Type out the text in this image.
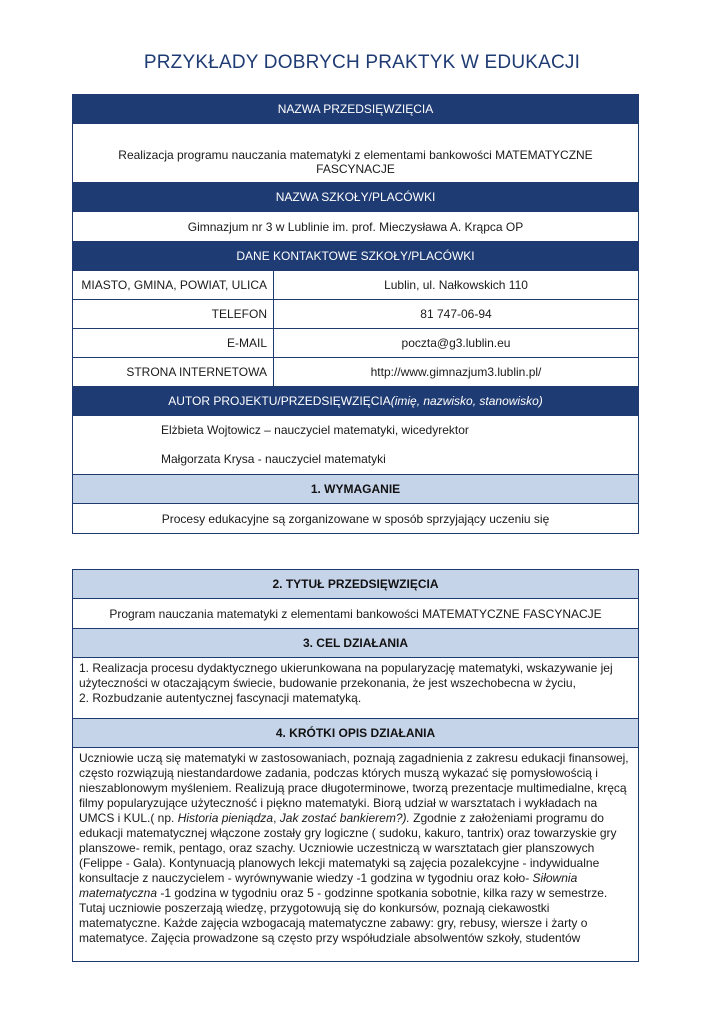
PRZYKŁADY DOBRYCH PRAKTYK W EDUKACJI
NAZWA PRZEDSIĘWZIĘCIA	
Realizacja programu nauczania matematyki z elementami bankowości MATEMATYCZNE FASCYNACJE	
NAZWA SZKOŁY/PLACÓWKI	
Gimnazjum nr 3 w Lublinie im. prof. Mieczysława A. Krąpca OP	
DANE KONTAKTOWE SZKOŁY/PLACÓWKI	
MIASTO, GMINA, POWIAT, ULICA	Lublin, ul. Nałkowskich 110
TELEFON	81 747-06-94
E-MAIL	poczta@g3.lublin.eu
STRONA INTERNETOWA	http://www.gimnazjum3.lublin.pl/
AUTOR PROJEKTU/PRZEDSIĘWZIĘCIA(imię, nazwisko, stanowisko)	

Elżbieta Wojtowicz – nauczyciel matematyki, wicedyrektor
Małgorzata Krysa - nauczyciel matematyki	

1. WYMAGANIE	
Procesy edukacyjne są zorganizowane w sposób sprzyjający uczeniu się	
2. TYTUŁ PRZEDSIĘWZIĘCIA
Program nauczania matematyki z elementami bankowości MATEMATYCZNE FASCYNACJE
3. CEL DZIAŁANIA

1. Realizacja procesu dydaktycznego ukierunkowana na popularyzację matematyki, wskazywanie jej
użyteczności w otaczającym świecie, budowanie przekonania, że jest wszechobecna w życiu,
2. Rozbudzanie autentycznej fascynacji matematyką.

4. KRÓTKI OPIS DZIAŁANIA
Uczniowie uczą się matematyki w zastosowaniach, poznają zagadnienia z zakresu edukacji finansowej, często rozwiązują niestandardowe zadania, podczas których muszą wykazać się pomysłowością i nieszablonowym myśleniem. Realizują prace długoterminowe, tworzą prezentacje multimedialne, kręcą filmy popularyzujące użyteczność i piękno matematyki. Biorą udział w warsztatach i wykładach na UMCS i KUL.( np. Historia pieniądza, Jak zostać bankierem?). Zgodnie z założeniami programu do edukacji matematycznej włączone zostały gry logiczne ( sudoku, kakuro, tantrix) oraz towarzyskie gry planszowe- remik, pentago, oraz szachy. Uczniowie uczestniczą w warsztatach gier planszowych (Felippe - Gala). Kontynuacją planowych lekcji matematyki są zajęcia pozalekcyjne - indywidualne konsultacje z nauczycielem - wyrównywanie wiedzy -1 godzina w tygodniu oraz koło- Siłownia matematyczna -1 godzina w tygodniu oraz 5 - godzinne spotkania sobotnie, kilka razy w semestrze. Tutaj uczniowie poszerzają wiedzę, przygotowują się do konkursów, poznają ciekawostki matematyczne. Każde zajęcia wzbogacają matematyczne zabawy: gry, rebusy, wiersze i żarty o matematyce. Zajęcia prowadzone są często przy współudziale absolwentów szkoły, studentów
